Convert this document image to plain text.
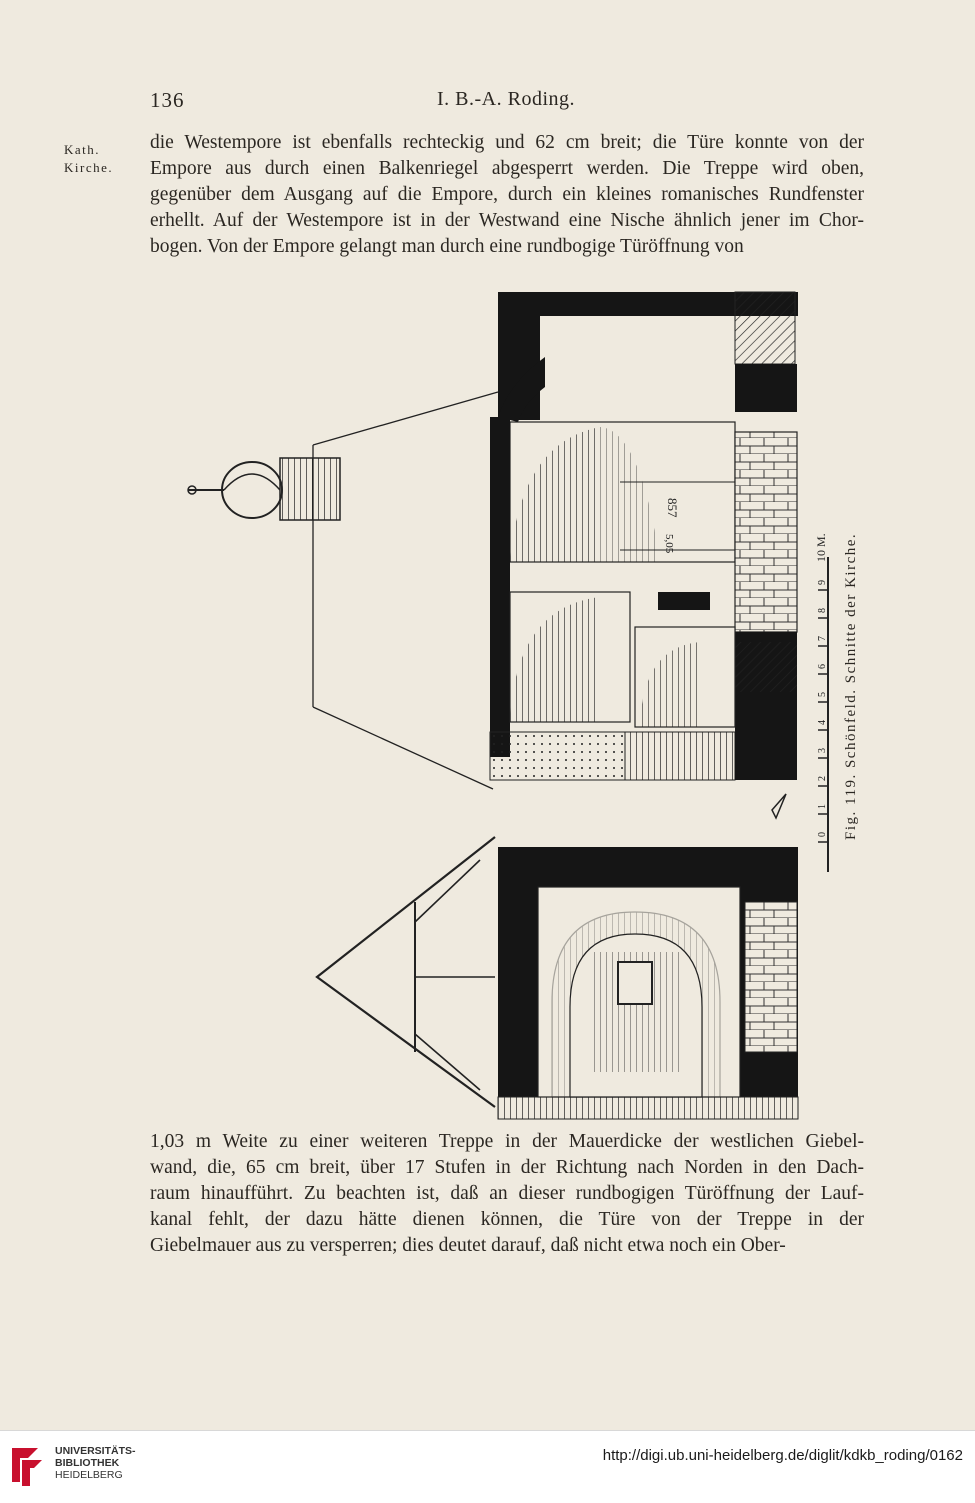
136	I. B.-A. Roding.
Kath.
Kirche.
die Westempore ist ebenfalls rechteckig und 62 cm breit; die Türe konnte von der
Empore aus durch einen Balkenriegel abgesperrt werden. Die Treppe wird oben,
gegenüber dem Ausgang auf die Empore, durch ein kleines romanisches Rundfenster
erhellt. Auf der Westempore ist in der Westwand eine Nische ähnlich jener im Chor-
bogen. Von der Empore gelangt man durch eine rundbogige Türöffnung von
857
5,05
0
1
2
3
4
5
6
7
8
9
10 M. Fig. 119. Schönfeld. Schnitte der Kirche.
1,03 m Weite zu einer weiteren Treppe in der Mauerdicke der westlichen Giebel-
wand, die, 65 cm breit, über 17 Stufen in der Richtung nach Norden in den Dach-
raum hinaufführt. Zu beachten ist, daß an dieser rundbogigen Türöffnung der Lauf-
kanal fehlt, der dazu hätte dienen können, die Türe von der Treppe in der
Giebelmauer aus zu versperren; dies deutet darauf, daß nicht etwa noch ein Ober-
UNIVERSITÄTS-
BIBLIOTHEK
HEIDELBERG
http://digi.ub.uni-heidelberg.de/diglit/kdkb_roding/0162
